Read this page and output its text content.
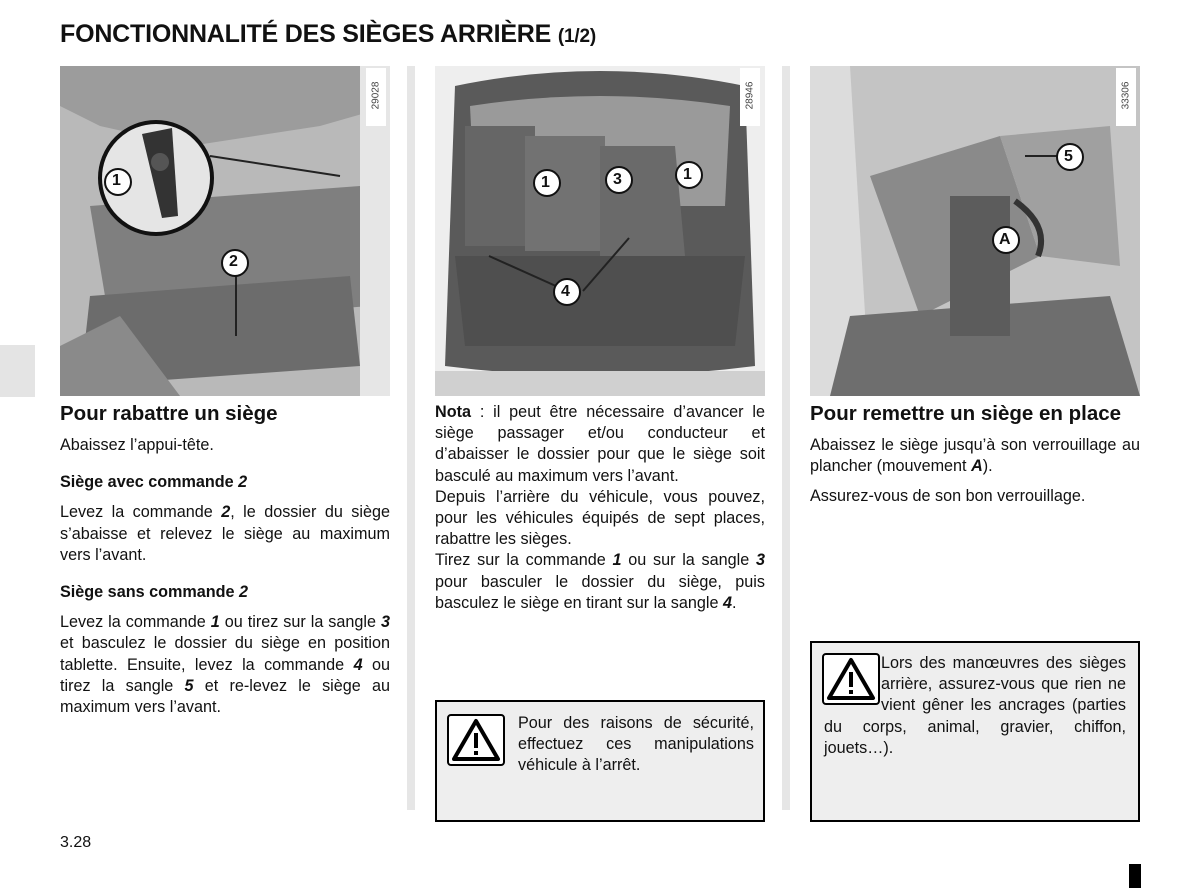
FONCTIONNALITÉ DES SIÈGES ARRIÈRE (1/2)
1
2
29028
1	3	1
4
28946
5
A
33306

Pour rabattre un siège

Abaissez l’appui-tête.

Siège avec commande 2

Levez la commande 2, le dossier du siège s’abaisse et relevez le siège au maximum vers l’avant.

Siège sans commande 2

Levez la commande 1 ou tirez sur la sangle 3 et basculez le dossier du siège en position tablette. Ensuite, levez la commande 4 ou tirez la sangle 5 et re-levez le siège au maximum vers l’avant.

Nota : il peut être nécessaire d’avancer le siège passager et/ou conducteur et d’abaisser le dossier pour que le siège soit basculé au maximum vers l’avant.

Depuis l’arrière du véhicule, vous pouvez, pour les véhicules équipés de sept places, rabattre les sièges.

Tirez sur la commande 1 ou sur la sangle 3 pour basculer le dossier du siège, puis basculez le siège en tirant sur la sangle 4.

Pour des raisons de sécurité, effectuez ces manipulations véhicule à l’arrêt.

Pour remettre un siège en place

Abaissez le siège jusqu’à son verrouillage au plancher (mouvement A).

Assurez-vous de son bon verrouillage.

Lors des manœuvres des sièges arrière, assurez-vous que rien ne vient gêner les ancrages (parties du corps, animal, gravier, chiffon, jouets…).

3.28
